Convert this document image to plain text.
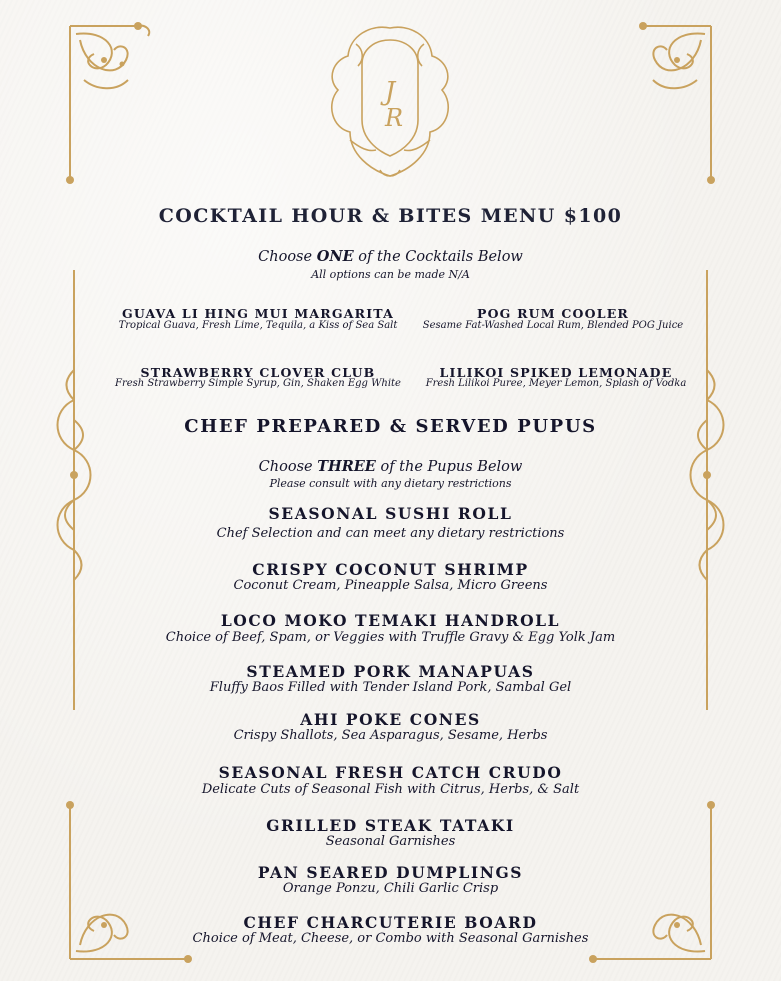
J
R
COCKTAIL HOUR & BITES MENU $100
Choose ONE of the Cocktails Below
All options can be made N/A
GUAVA LI HING MUI MARGARITA
Tropical Guava, Fresh Lime, Tequila, a Kiss of Sea Salt
POG RUM COOLER
Sesame Fat-Washed Local Rum, Blended POG Juice
STRAWBERRY CLOVER CLUB
Fresh Strawberry Simple Syrup, Gin, Shaken Egg White
LILIKOI SPIKED LEMONADE
Fresh Lilikoi Puree, Meyer Lemon, Splash of Vodka
CHEF PREPARED & SERVED PUPUS
Choose THREE of the Pupus Below
Please consult with any dietary restrictions
SEASONAL SUSHI ROLL
Chef Selection and can meet any dietary restrictions
CRISPY COCONUT SHRIMP
Coconut Cream, Pineapple Salsa, Micro Greens
LOCO MOKO TEMAKI HANDROLL
Choice of Beef, Spam, or Veggies with Truffle Gravy & Egg Yolk Jam
STEAMED PORK MANAPUAS
Fluffy Baos Filled with Tender Island Pork, Sambal Gel
AHI POKE CONES
Crispy Shallots, Sea Asparagus, Sesame, Herbs
SEASONAL FRESH CATCH CRUDO
Delicate Cuts of Seasonal Fish with Citrus, Herbs, & Salt
GRILLED STEAK TATAKI
Seasonal Garnishes
PAN SEARED DUMPLINGS
Orange Ponzu, Chili Garlic Crisp
CHEF CHARCUTERIE BOARD
Choice of Meat, Cheese, or Combo with Seasonal Garnishes
